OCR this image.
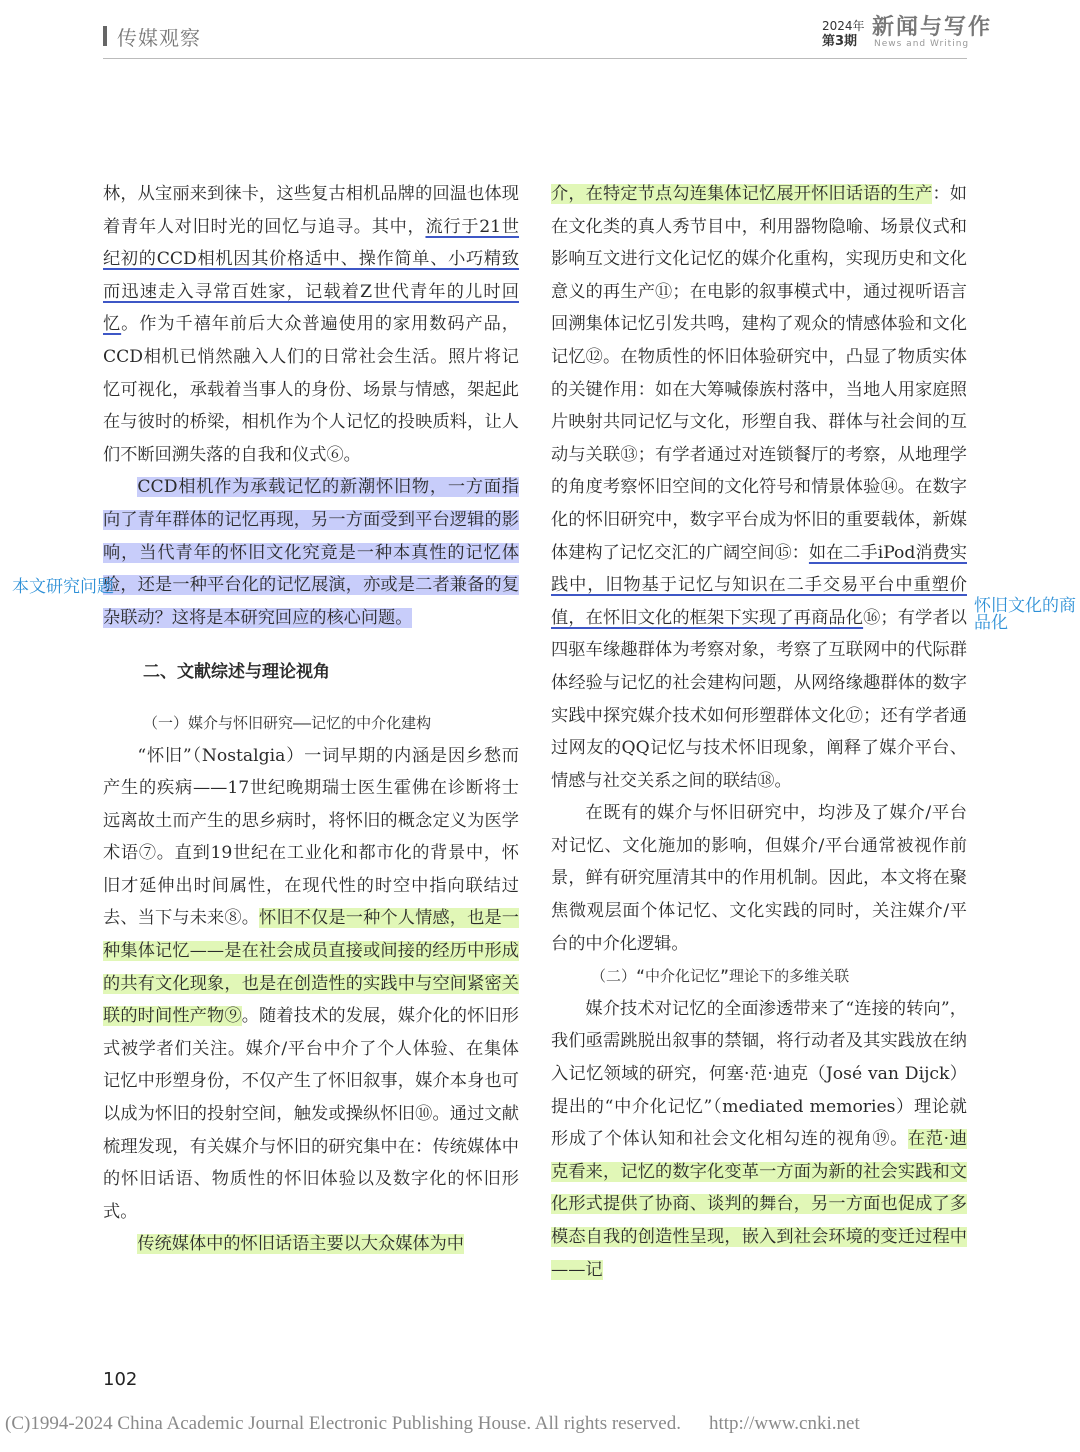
传媒观察	2024年
第3期
新闻与写作
News and Writing

林，从宝丽来到徕卡，这些复古相机品牌的回温也体现着青年人对旧时光的回忆与追寻。其中，流行于21世纪初的CCD相机因其价格适中、操作简单、小巧精致而迅速走入寻常百姓家，记载着Z世代青年的儿时回忆。作为千禧年前后大众普遍使用的家用数码产品，CCD相机已悄然融入人们的日常社会生活。照片将记忆可视化，承载着当事人的身份、场景与情感，架起此在与彼时的桥梁，相机作为个人记忆的投映质料，让人们不断回溯失落的自我和仪式⑥。

CCD相机作为承载记忆的新潮怀旧物，一方面指向了青年群体的记忆再现，另一方面受到平台逻辑的影响，当代青年的怀旧文化究竟是一种本真性的记忆体验，还是一种平台化的记忆展演，亦或是二者兼备的复杂联动？这将是本研究回应的核心问题。

二、文献综述与理论视角

（一）媒介与怀旧研究——记忆的中介化建构

“怀旧”（Nostalgia）一词早期的内涵是因乡愁而产生的疾病——17世纪晚期瑞士医生霍佛在诊断将士远离故土而产生的思乡病时，将怀旧的概念定义为医学术语⑦。直到19世纪在工业化和都市化的背景中，怀旧才延伸出时间属性，在现代性的时空中指向联结过去、当下与未来⑧。怀旧不仅是一种个人情感，也是一种集体记忆——是在社会成员直接或间接的经历中形成的共有文化现象，也是在创造性的实践中与空间紧密关联的时间性产物⑨。随着技术的发展，媒介化的怀旧形式被学者们关注。媒介/平台中介了个人体验、在集体记忆中形塑身份，不仅产生了怀旧叙事，媒介本身也可以成为怀旧的投射空间，触发或操纵怀旧⑩。通过文献梳理发现，有关媒介与怀旧的研究集中在：传统媒体中的怀旧话语、物质性的怀旧体验以及数字化的怀旧形式。

传统媒体中的怀旧话语主要以大众媒体为中

介，在特定节点勾连集体记忆展开怀旧话语的生产：如在文化类的真人秀节目中，利用器物隐喻、场景仪式和影响互文进行文化记忆的媒介化重构，实现历史和文化意义的再生产⑪；在电影的叙事模式中，通过视听语言回溯集体记忆引发共鸣，建构了观众的情感体验和文化记忆⑫。在物质性的怀旧体验研究中，凸显了物质实体的关键作用：如在大筹喊傣族村落中，当地人用家庭照片映射共同记忆与文化，形塑自我、群体与社会间的互动与关联⑬；有学者通过对连锁餐厅的考察，从地理学的角度考察怀旧空间的文化符号和情景体验⑭。在数字化的怀旧研究中，数字平台成为怀旧的重要载体，新媒体建构了记忆交汇的广阔空间⑮：如在二手iPod消费实践中，旧物基于记忆与知识在二手交易平台中重塑价值，在怀旧文化的框架下实现了再商品化⑯；有学者以四驱车缘趣群体为考察对象，考察了互联网中的代际群体经验与记忆的社会建构问题，从网络缘趣群体的数字实践中探究媒介技术如何形塑群体文化⑰；还有学者通过网友的QQ记忆与技术怀旧现象，阐释了媒介平台、情感与社交关系之间的联结⑱。

在既有的媒介与怀旧研究中，均涉及了媒介/平台对记忆、文化施加的影响，但媒介/平台通常被视作前景，鲜有研究厘清其中的作用机制。因此，本文将在聚焦微观层面个体记忆、文化实践的同时，关注媒介/平台的中介化逻辑。

（二）“中介化记忆”理论下的多维关联

媒介技术对记忆的全面渗透带来了“连接的转向”，我们亟需跳脱出叙事的禁锢，将行动者及其实践放在纳入记忆领域的研究，何塞·范·迪克（José van Dijck）提出的“中介化记忆”（mediated memories）理论就形成了个体认知和社会文化相勾连的视角⑲。在范·迪克看来，记忆的数字化变革一方面为新的社会实践和文化形式提供了协商、谈判的舞台，另一方面也促成了多模态自我的创造性呈现，嵌入到社会环境的变迁过程中——记

本文研究问题
怀旧文化的商品化
102
(C)1994-2024 China Academic Journal Electronic Publishing House. All rights reserved. http://www.cnki.net
